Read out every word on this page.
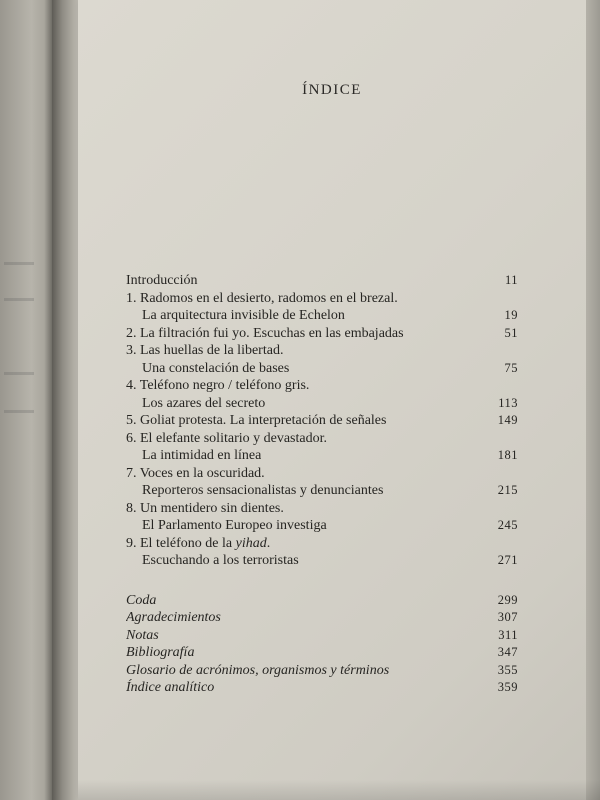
ÍNDICE
Introducción	11
1. Radomos en el desierto, radomos en el brezal.
La arquitectura invisible de Echelon	19
2. La filtración fui yo. Escuchas en las embajadas	51
3. Las huellas de la libertad.
Una constelación de bases	75
4. Teléfono negro / teléfono gris.
Los azares del secreto	113
5. Goliat protesta. La interpretación de señales	149
6. El elefante solitario y devastador.
La intimidad en línea	181
7. Voces en la oscuridad.
Reporteros sensacionalistas y denunciantes	215
8. Un mentidero sin dientes.
El Parlamento Europeo investiga	245
9. El teléfono de la yihad.
Escuchando a los terroristas	271
Coda	299
Agradecimientos	307
Notas	311
Bibliografía	347
Glosario de acrónimos, organismos y términos	355
Índice analítico	359
